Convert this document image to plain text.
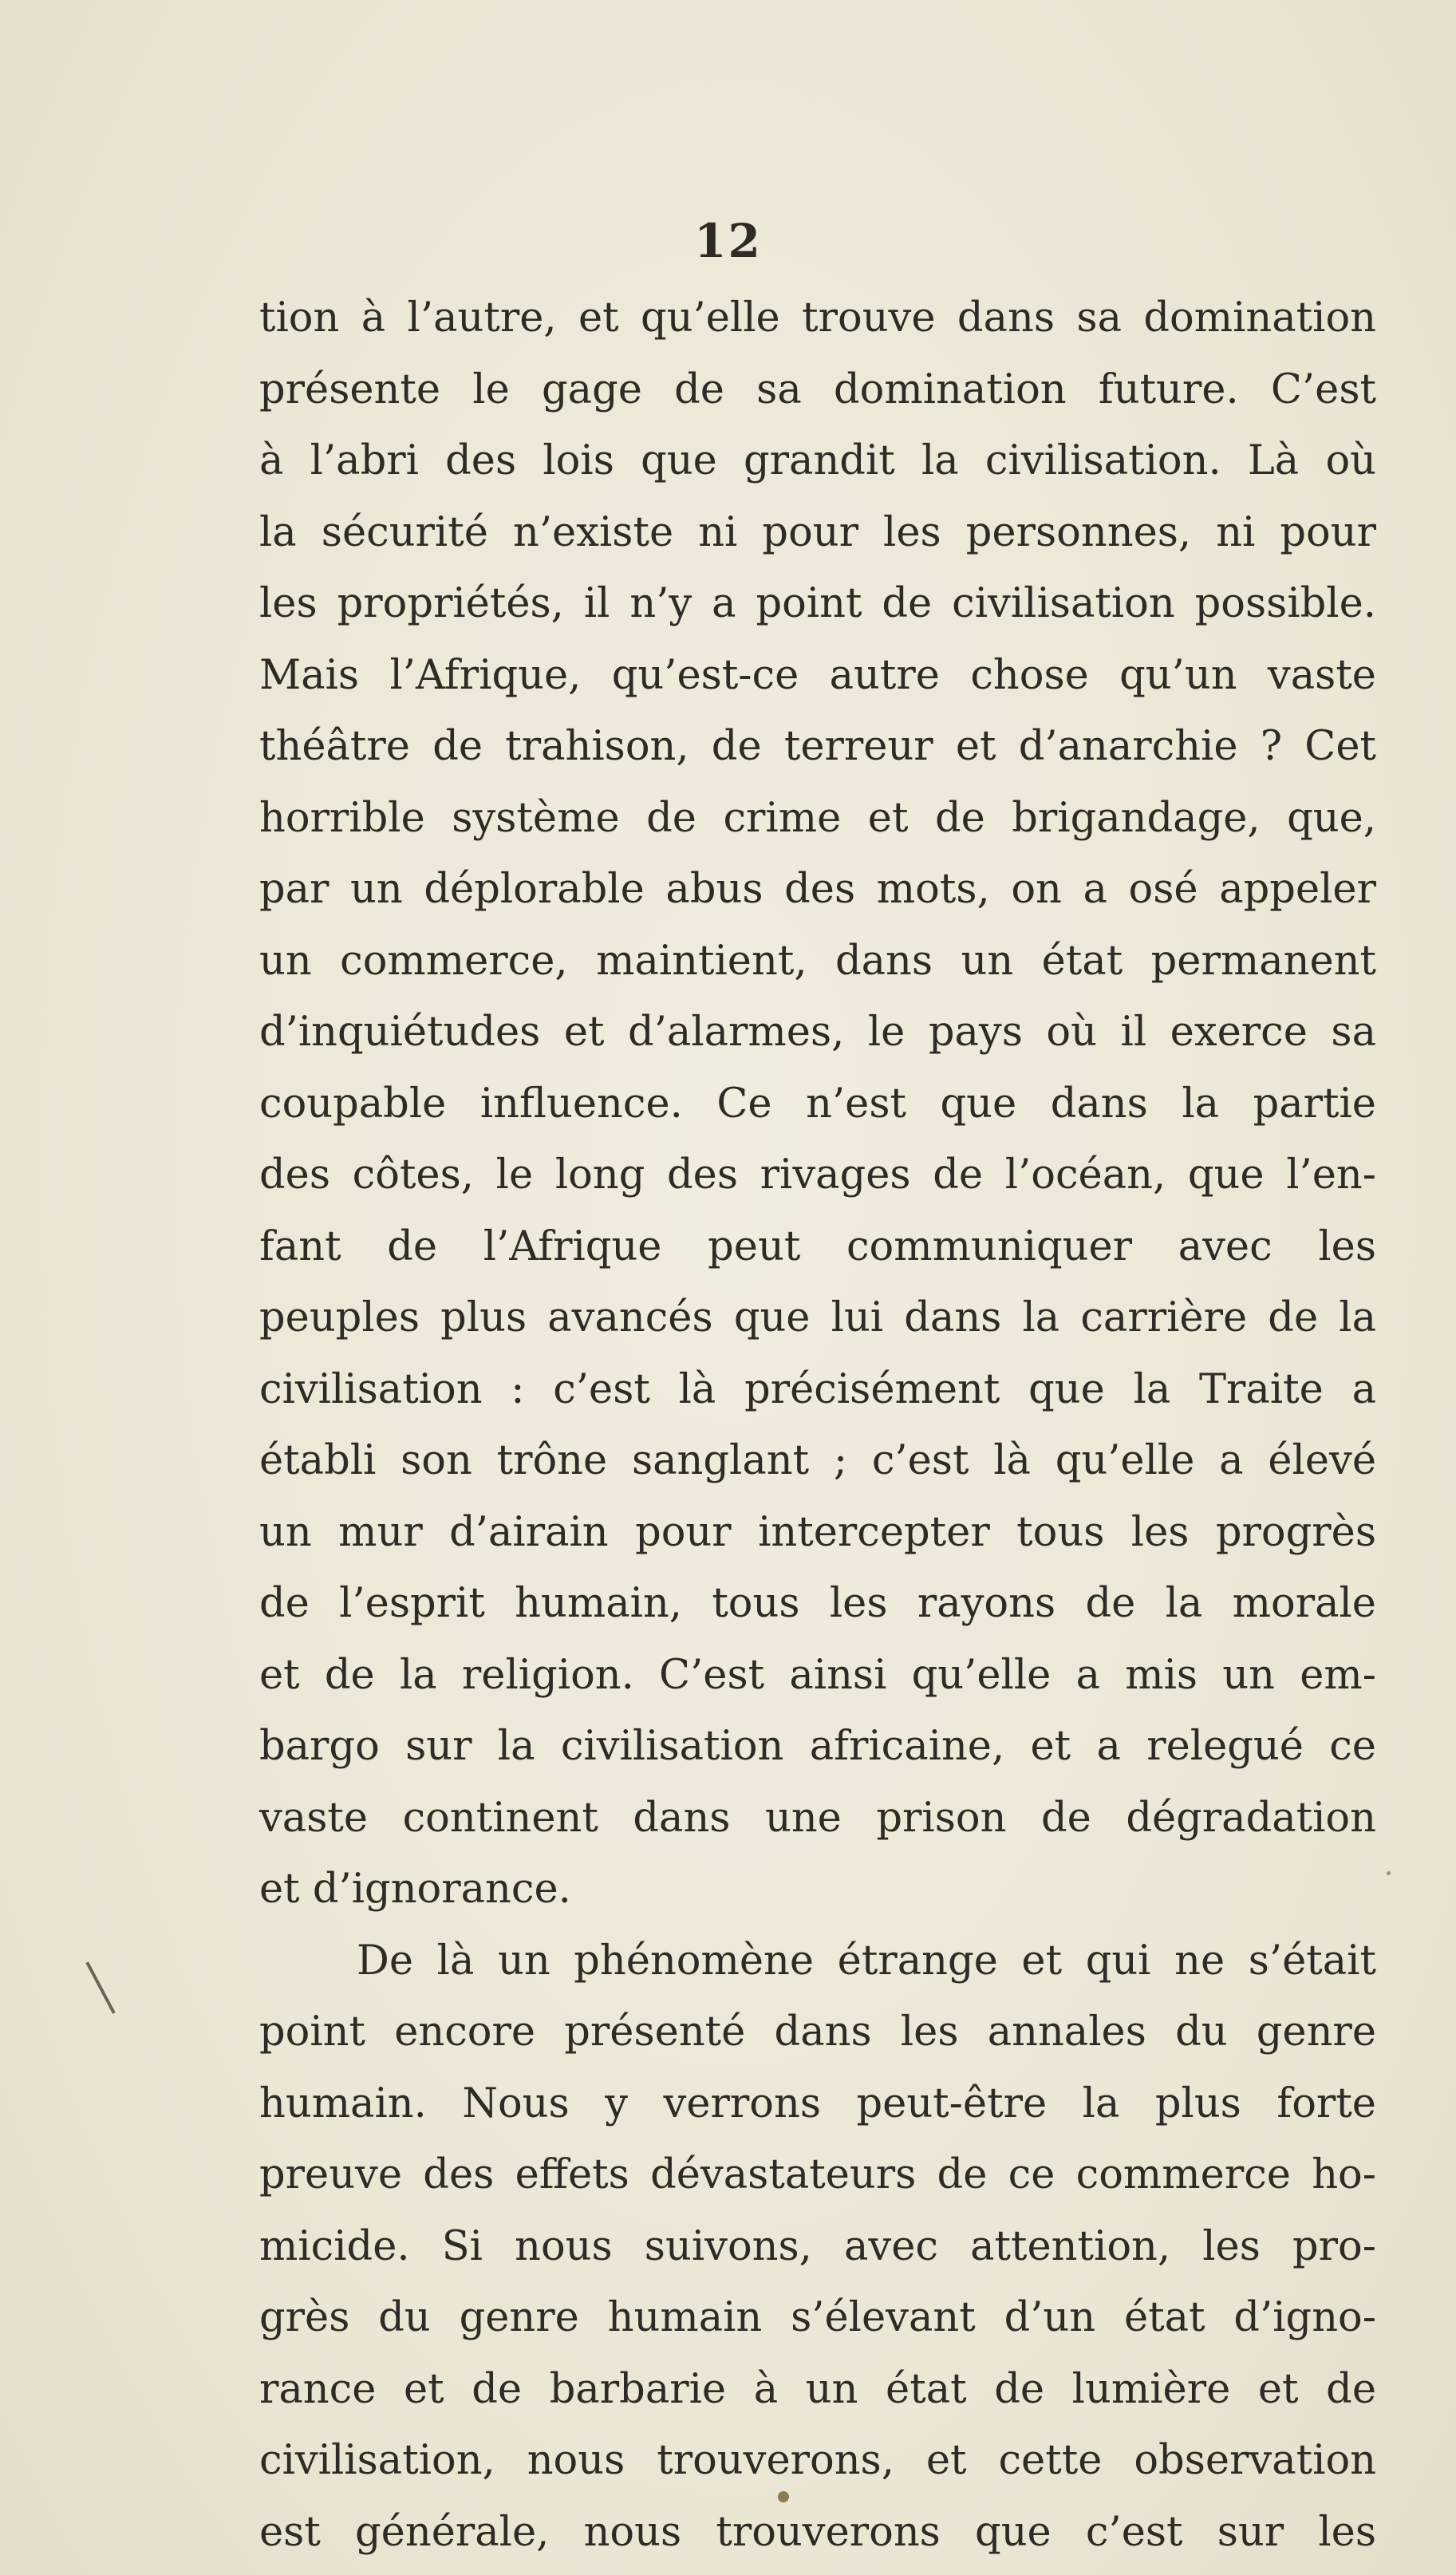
12
tion à l’autre, et qu’elle trouve dans sa domination
présente le gage de sa domination future. C’est
à l’abri des lois que grandit la civilisation. Là où
la sécurité n’existe ni pour les personnes, ni pour
les propriétés, il n’y a point de civilisation possible.
Mais l’Afrique, qu’est-ce autre chose qu’un vaste
théâtre de trahison, de terreur et d’anarchie ? Cet
horrible système de crime et de brigandage, que,
par un déplorable abus des mots, on a osé appeler
un commerce, maintient, dans un état permanent
d’inquiétudes et d’alarmes, le pays où il exerce sa
coupable influence. Ce n’est que dans la partie
des côtes, le long des rivages de l’océan, que l’en-
fant de l’Afrique peut communiquer avec les
peuples plus avancés que lui dans la carrière de la
civilisation : c’est là précisément que la Traite a
établi son trône sanglant ; c’est là qu’elle a élevé
un mur d’airain pour intercepter tous les progrès
de l’esprit humain, tous les rayons de la morale
et de la religion. C’est ainsi qu’elle a mis un em-
bargo sur la civilisation africaine, et a relegué ce
vaste continent dans une prison de dégradation
et d’ignorance.
De là un phénomène étrange et qui ne s’était
point encore présenté dans les annales du genre
humain. Nous y verrons peut-être la plus forte
preuve des effets dévastateurs de ce commerce ho-
micide. Si nous suivons, avec attention, les pro-
grès du genre humain s’élevant d’un état d’igno-
rance et de barbarie à un état de lumière et de
civilisation, nous trouverons, et cette observation
est générale, nous trouverons que c’est sur les
